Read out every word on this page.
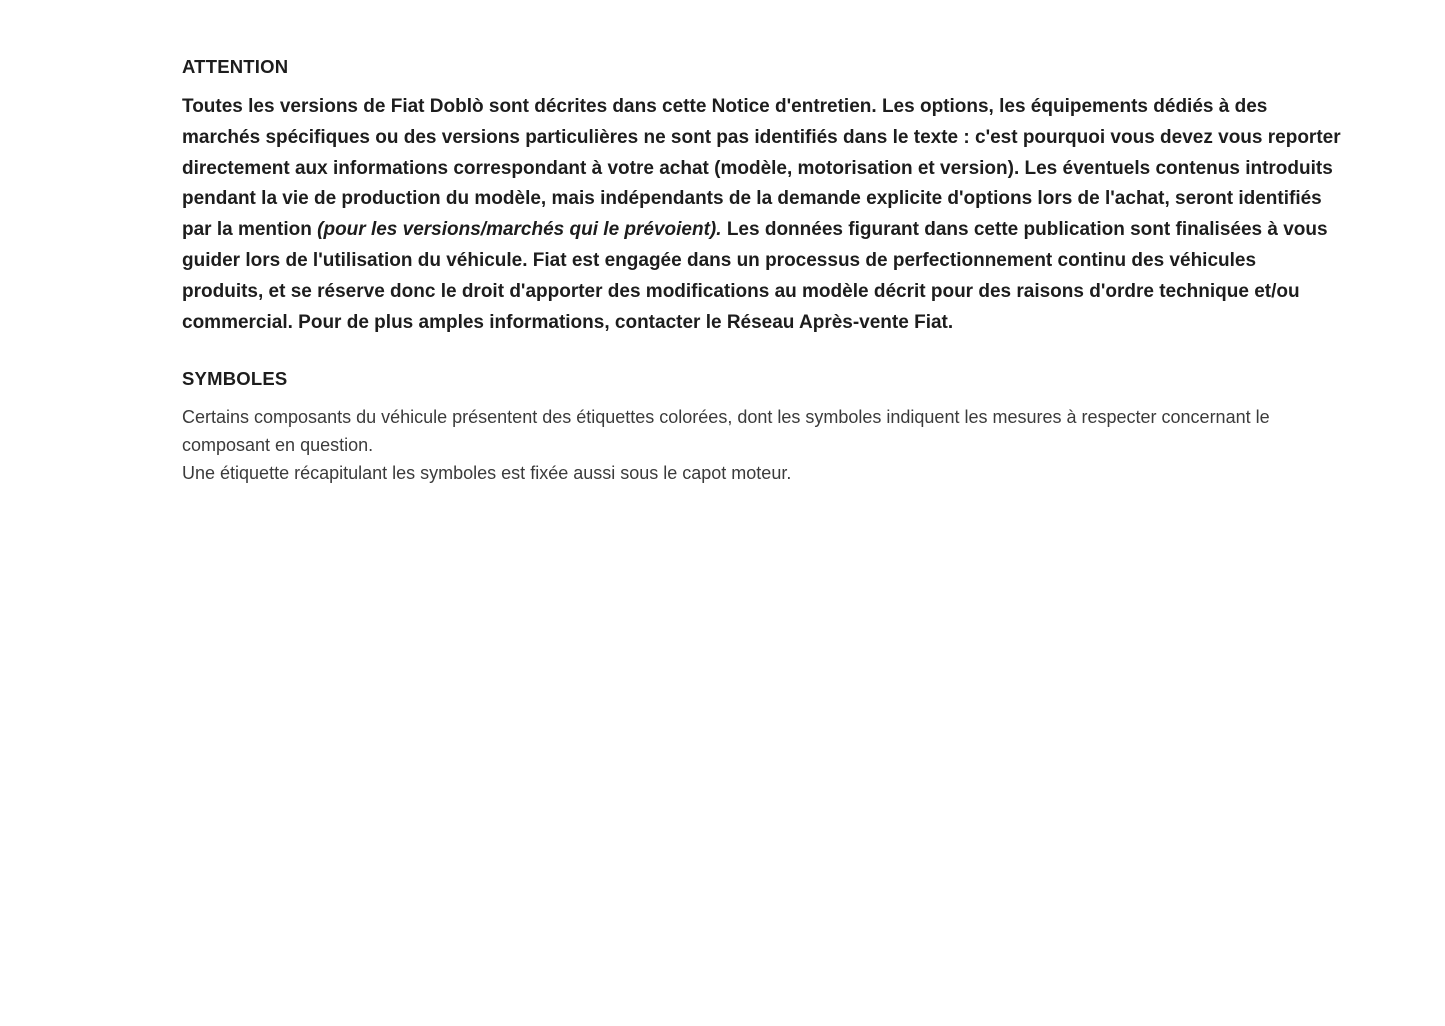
ATTENTION

Toutes les versions de Fiat Doblò sont décrites dans cette Notice d'entretien. Les options, les équipements dédiés à des marchés spécifiques ou des versions particulières ne sont pas identifiés dans le texte : c'est pourquoi vous devez vous reporter directement aux informations correspondant à votre achat (modèle, motorisation et version). Les éventuels contenus introduits pendant la vie de production du modèle, mais indépendants de la demande explicite d'options lors de l'achat, seront identifiés par la mention (pour les versions/marchés qui le prévoient). Les données figurant dans cette publication sont finalisées à vous guider lors de l'utilisation du véhicule. Fiat est engagée dans un processus de perfectionnement continu des véhicules produits, et se réserve donc le droit d'apporter des modifications au modèle décrit pour des raisons d'ordre technique et/ou commercial. Pour de plus amples informations, contacter le Réseau Après-vente Fiat.

SYMBOLES

Certains composants du véhicule présentent des étiquettes colorées, dont les symboles indiquent les mesures à respecter concernant le composant en question.

Une étiquette récapitulant les symboles est fixée aussi sous le capot moteur.
